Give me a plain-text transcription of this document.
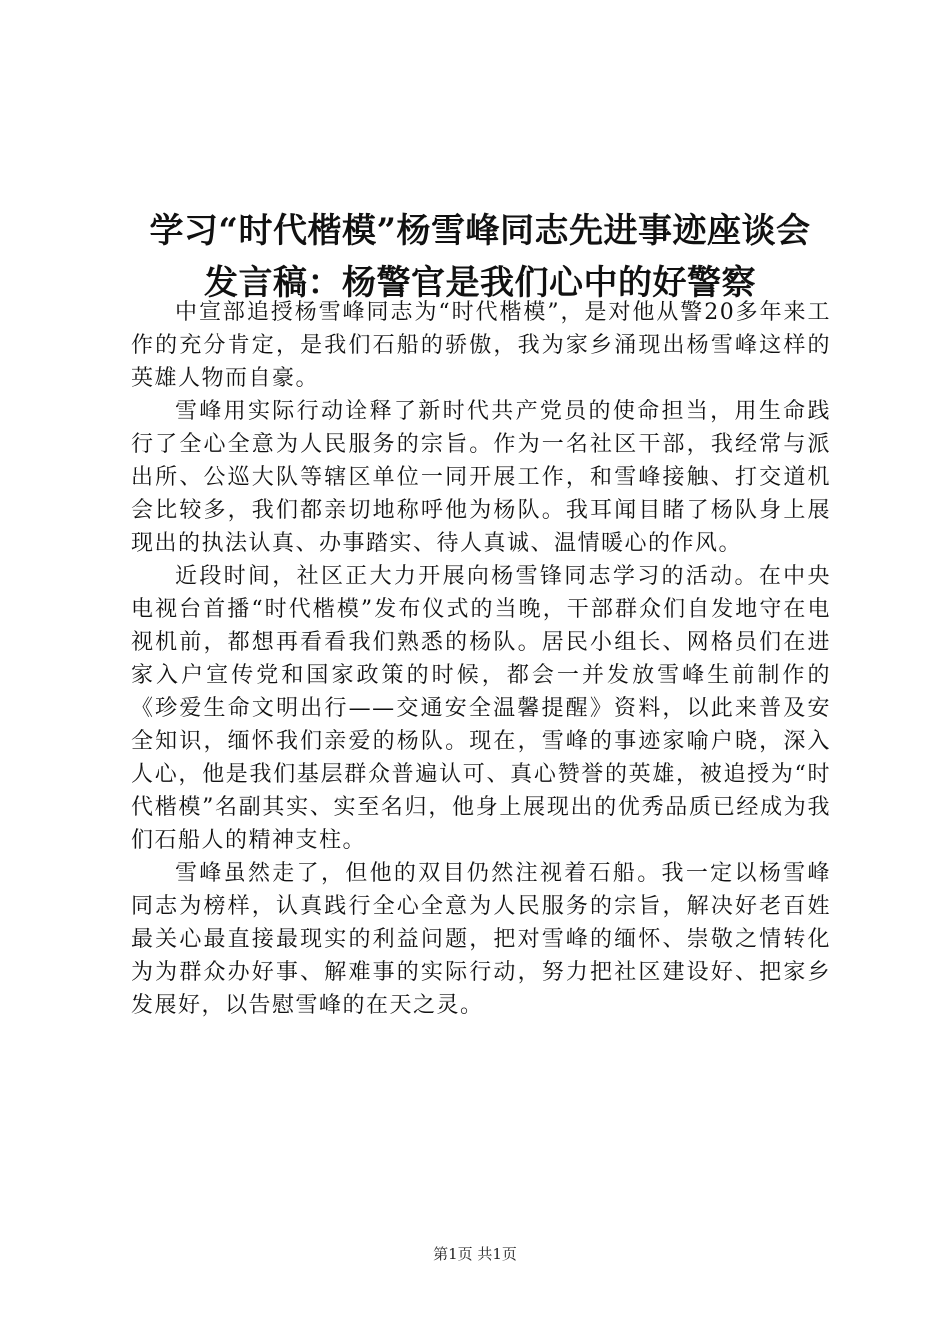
学习“时代楷模”杨雪峰同志先进事迹座谈会
发言稿：杨警官是我们心中的好警察

中宣部追授杨雪峰同志为“时代楷模”，是对他从警20多年来工作的充分肯定，是我们石船的骄傲，我为家乡涌现出杨雪峰这样的英雄人物而自豪。

雪峰用实际行动诠释了新时代共产党员的使命担当，用生命践行了全心全意为人民服务的宗旨。作为一名社区干部，我经常与派出所、公巡大队等辖区单位一同开展工作，和雪峰接触、打交道机会比较多，我们都亲切地称呼他为杨队。我耳闻目睹了杨队身上展现出的执法认真、办事踏实、待人真诚、温情暖心的作风。

近段时间，社区正大力开展向杨雪锋同志学习的活动。在中央电视台首播“时代楷模”发布仪式的当晚，干部群众们自发地守在电视机前，都想再看看我们熟悉的杨队。居民小组长、网格员们在进家入户宣传党和国家政策的时候，都会一并发放雪峰生前制作的《珍爱生命文明出行——交通安全温馨提醒》资料，以此来普及安全知识，缅怀我们亲爱的杨队。现在，雪峰的事迹家喻户晓，深入人心，他是我们基层群众普遍认可、真心赞誉的英雄，被追授为“时代楷模”名副其实、实至名归，他身上展现出的优秀品质已经成为我们石船人的精神支柱。

雪峰虽然走了，但他的双目仍然注视着石船。我一定以杨雪峰同志为榜样，认真践行全心全意为人民服务的宗旨，解决好老百姓最关心最直接最现实的利益问题，把对雪峰的缅怀、崇敬之情转化为为群众办好事、解难事的实际行动，努力把社区建设好、把家乡发展好，以告慰雪峰的在天之灵。

第1页 共1页
